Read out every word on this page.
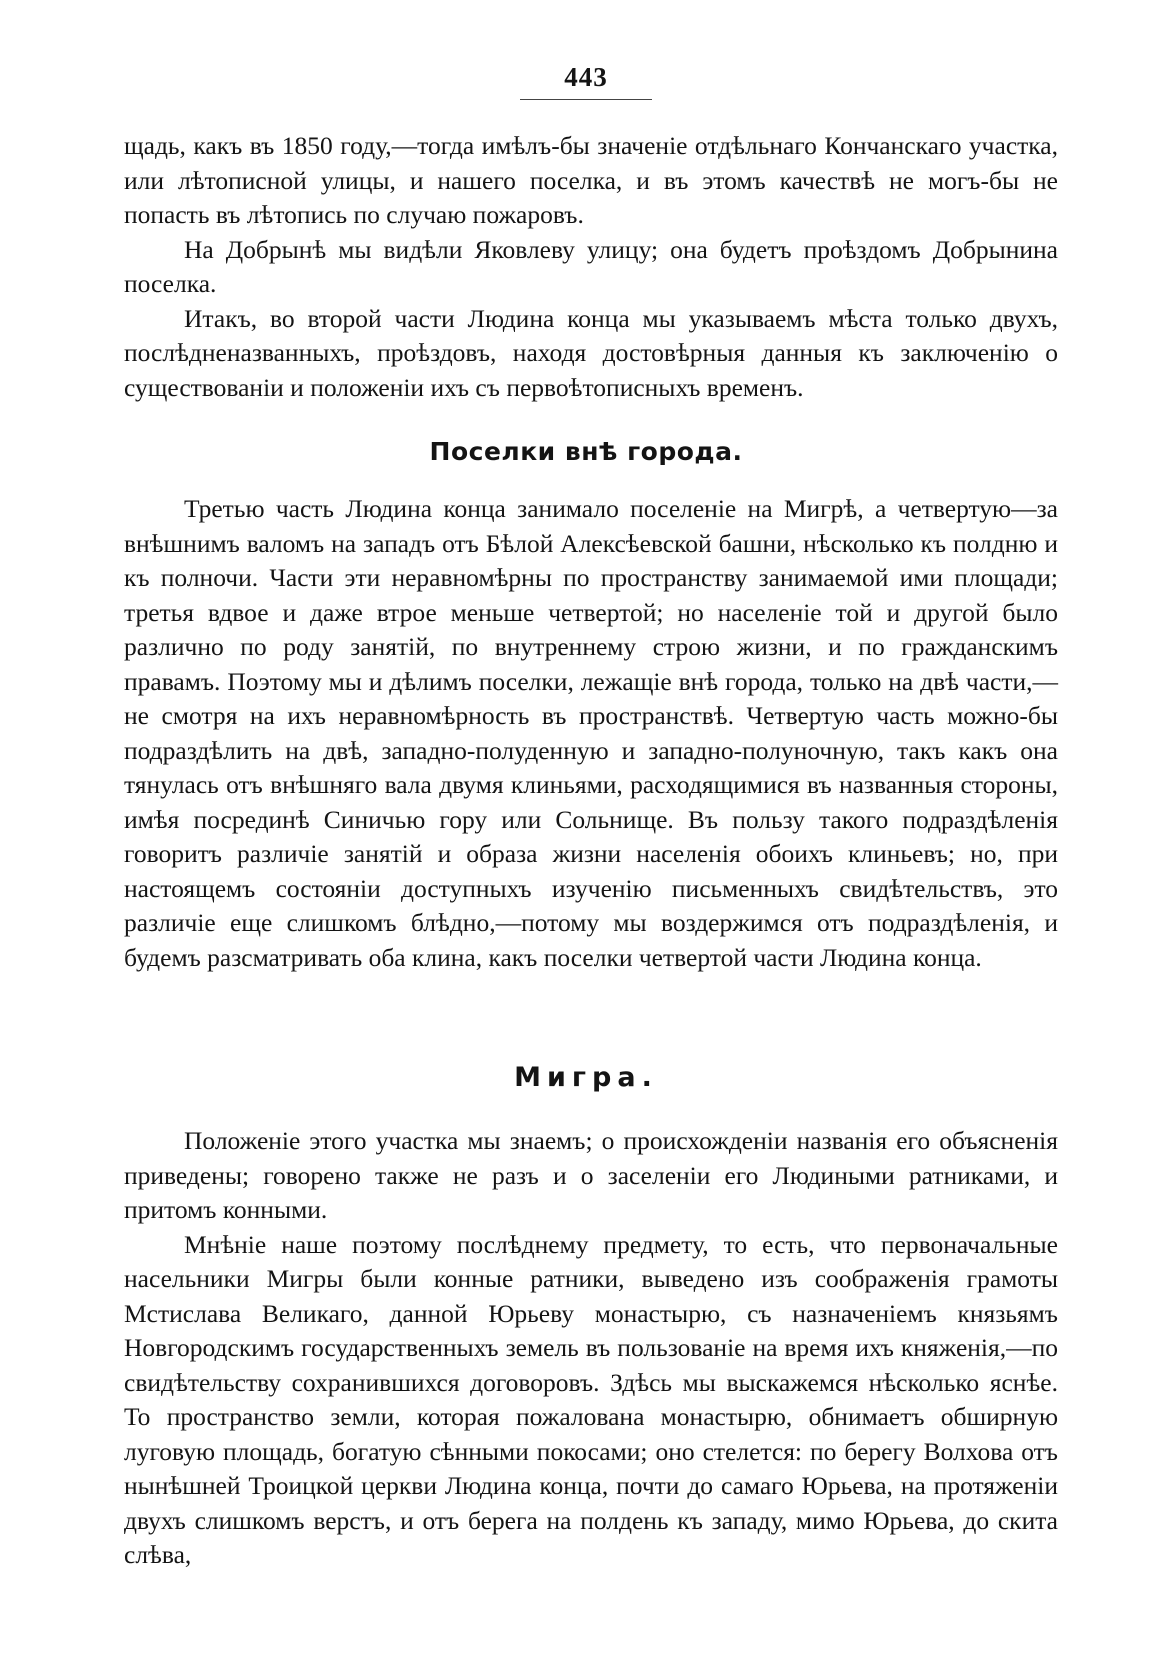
443

щадь, какъ въ 1850 году,—тогда имѣлъ-бы значеніе отдѣльнаго Кончанскаго участка, или лѣтописной улицы, и нашего поселка, и въ этомъ качествѣ не могъ-бы не попасть въ лѣтопись по случаю пожаровъ.

На Добрынѣ мы видѣли Яковлеву улицу; она будетъ проѣздомъ Добрынина поселка.

Итакъ, во второй части Людина конца мы указываемъ мѣста только двухъ, послѣдненазванныхъ, проѣздовъ, находя достовѣрныя данныя къ заключенію о существованіи и положеніи ихъ съ первоѣтописныхъ временъ.

Поселки внѣ города.

Третью часть Людина конца занимало поселеніе на Мигрѣ, а четвертую—за внѣшнимъ валомъ на западъ отъ Бѣлой Алексѣевской башни, нѣсколько къ полдню и къ полночи. Части эти неравномѣрны по пространству занимаемой ими площади; третья вдвое и даже втрое меньше четвертой; но населеніе той и другой было различно по роду занятій, по внутреннему строю жизни, и по гражданскимъ правамъ. Поэтому мы и дѣлимъ поселки, лежащіе внѣ города, только на двѣ части,—не смотря на ихъ неравномѣрность въ пространствѣ. Четвертую часть можно-бы подраздѣлить на двѣ, западно-полуденную и западно-полуночную, такъ какъ она тянулась отъ внѣшняго вала двумя клиньями, расходящимися въ названныя стороны, имѣя посрединѣ Синичью гору или Сольнище. Въ пользу такого подраздѣленія говоритъ различіе занятій и образа жизни населенія обоихъ клиньевъ; но, при настоящемъ состояніи доступныхъ изученію письменныхъ свидѣтельствъ, это различіе еще слишкомъ блѣдно,—потому мы воздержимся отъ подраздѣленія, и будемъ разсматривать оба клина, какъ поселки четвертой части Людина конца.

Мигра.

Положеніе этого участка мы знаемъ; о происхожденіи названія его объясненія приведены; говорено также не разъ и о заселеніи его Людиными ратниками, и притомъ конными.

Мнѣніе наше поэтому послѣднему предмету, то есть, что первоначальные насельники Мигры были конные ратники, выведено изъ соображенія грамоты Мстислава Великаго, данной Юрьеву монастырю, съ назначеніемъ князьямъ Новгородскимъ государственныхъ земель въ пользованіе на время ихъ княженія,—по свидѣтельству сохранившихся договоровъ. Здѣсь мы выскажемся нѣсколько яснѣе. То пространство земли, которая пожалована монастырю, обнимаетъ обширную луговую площадь, богатую сѣнными покосами; оно стелется: по берегу Волхова отъ нынѣшней Троицкой церкви Людина конца, почти до самаго Юрьева, на протяженіи двухъ слишкомъ верстъ, и отъ берега на полдень къ западу, мимо Юрьева, до скита слѣва,
